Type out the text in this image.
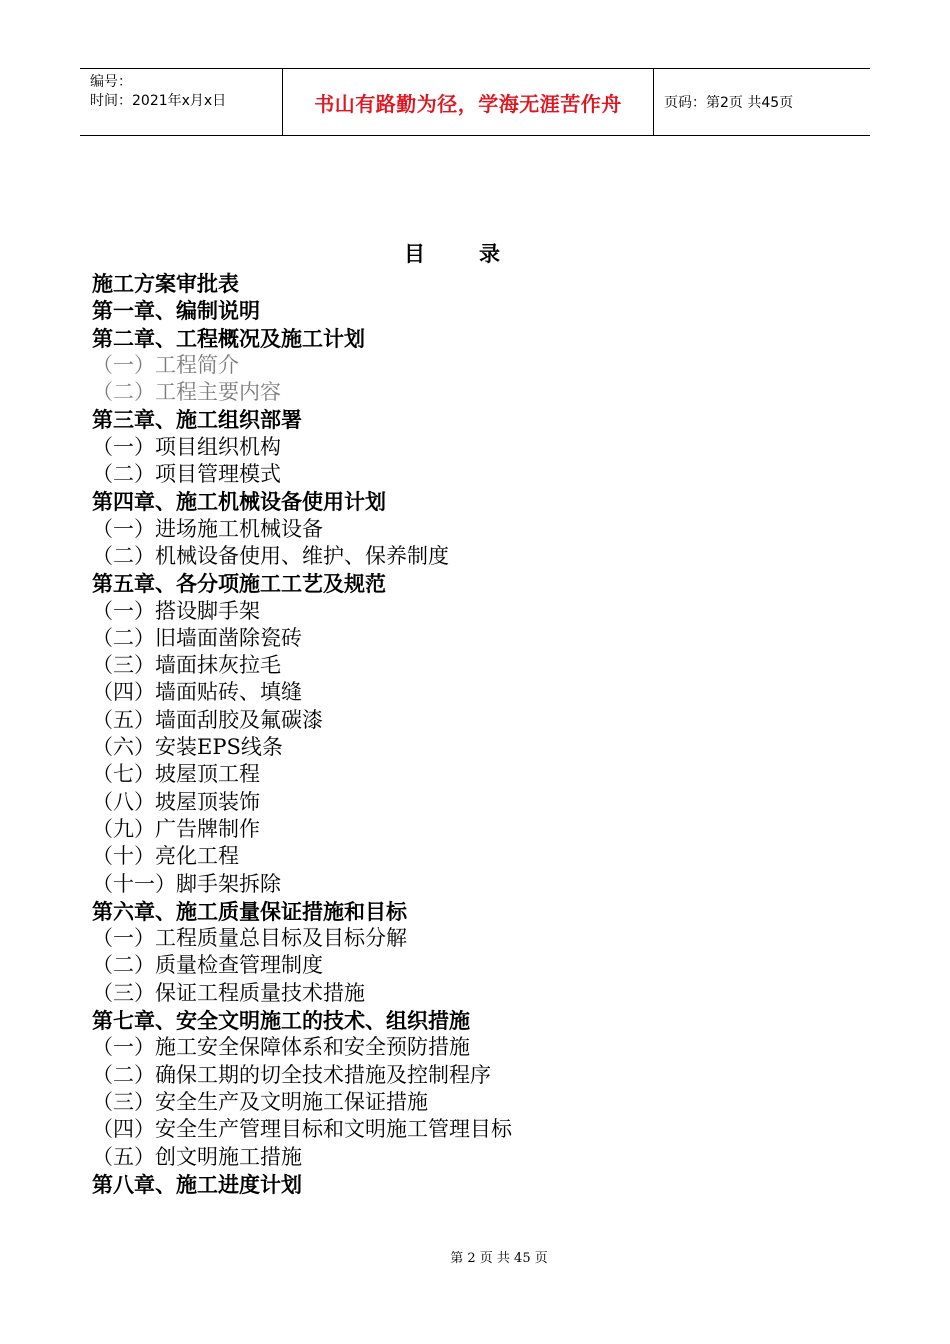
编号：
时间：2021年x月x日	书山有路勤为径，学海无涯苦作舟	页码：第2页 共45页
目录
施工方案审批表
第一章、编制说明
第二章、工程概况及施工计划
（一）工程简介
（二）工程主要内容
第三章、施工组织部署
（一）项目组织机构
（二）项目管理模式
第四章、施工机械设备使用计划
（一）进场施工机械设备
（二）机械设备使用、维护、保养制度
第五章、各分项施工工艺及规范
（一）搭设脚手架
（二）旧墙面凿除瓷砖
（三）墙面抹灰拉毛
（四）墙面贴砖、填缝
（五）墙面刮胶及氟碳漆
（六）安装EPS线条
（七）坡屋顶工程
（八）坡屋顶装饰
（九）广告牌制作
（十）亮化工程
（十一）脚手架拆除
第六章、施工质量保证措施和目标
（一）工程质量总目标及目标分解
（二）质量检查管理制度
（三）保证工程质量技术措施
第七章、安全文明施工的技术、组织措施
（一）施工安全保障体系和安全预防措施
（二）确保工期的切全技术措施及控制程序
（三）安全生产及文明施工保证措施
（四）安全生产管理目标和文明施工管理目标
（五）创文明施工措施
第八章、施工进度计划
第 2 页 共 45 页
